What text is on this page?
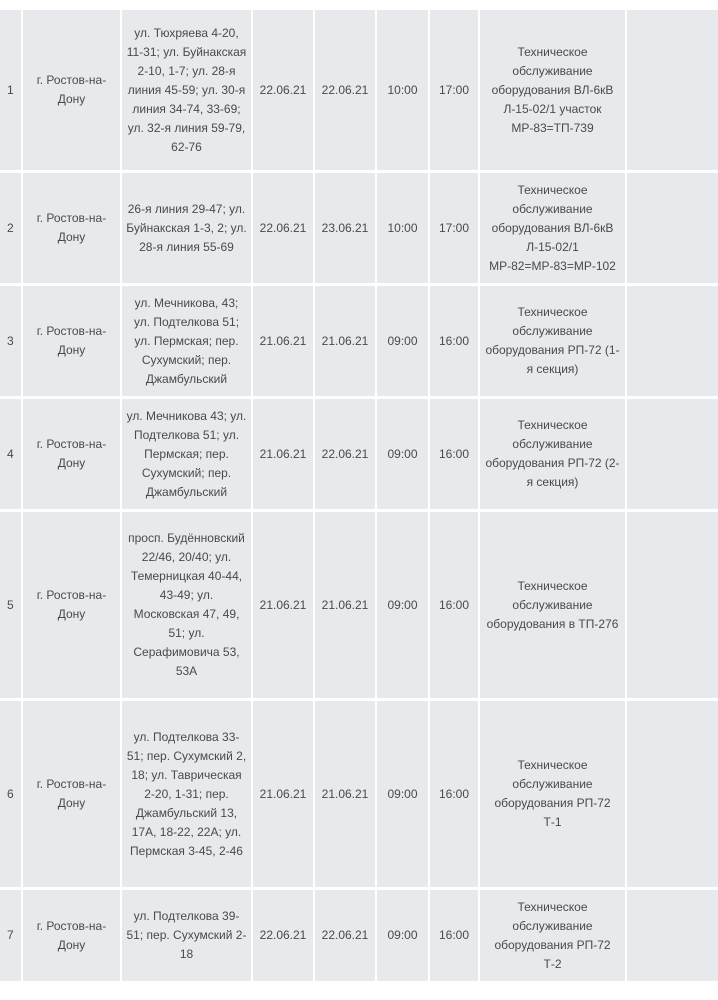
1	г. Ростов-на-Дону	ул. Тюхряева 4-20, 11-31; ул. Буйнакская 2-10, 1-7; ул. 28-я линия 45-59; ул. 30-я линия 34-74, 33-69; ул. 32-я линия 59-79, 62-76	22.06.21	22.06.21	10:00	17:00	Техническое обслуживание оборудования ВЛ-6кВ Л-15-02/1 участок МР-83=ТП-739	
2	г. Ростов-на-Дону	26-я линия 29-47; ул. Буйнакская 1-3, 2; ул. 28-я линия 55-69	22.06.21	23.06.21	10:00	17:00	Техническое обслуживание оборудования ВЛ-6кВ Л-15-02/1 МР-82=МР-83=МР-102	
3	г. Ростов-на-Дону	ул. Мечникова, 43; ул. Подтелкова 51; ул. Пермская; пер. Сухумский; пер. Джамбульский	21.06.21	21.06.21	09:00	16:00	Техническое обслуживание оборудования РП-72 (1-я секция)	
4	г. Ростов-на-Дону	ул. Мечникова 43; ул. Подтелкова 51; ул. Пермская; пер. Сухумский; пер. Джамбульский	21.06.21	22.06.21	09:00	16:00	Техническое обслуживание оборудования РП-72 (2-я секция)	
5	г. Ростов-на-Дону	просп. Будённовский 22/46, 20/40; ул. Темерницкая 40-44, 43-49; ул. Московская 47, 49, 51; ул. Серафимовича 53, 53А	21.06.21	21.06.21	09:00	16:00	Техническое обслуживание оборудования в ТП-276	
6	г. Ростов-на-Дону	ул. Подтелкова 33-51; пер. Сухумский 2, 18; ул. Таврическая 2-20, 1-31; пер. Джамбульский 13, 17А, 18-22, 22А; ул. Пермская 3-45, 2-46	21.06.21	21.06.21	09:00	16:00	Техническое обслуживание оборудования РП-72 Т-1	
7	г. Ростов-на-Дону	ул. Подтелкова 39-51; пер. Сухумский 2-18	22.06.21	22.06.21	09:00	16:00	Техническое обслуживание оборудования РП-72 Т-2	
